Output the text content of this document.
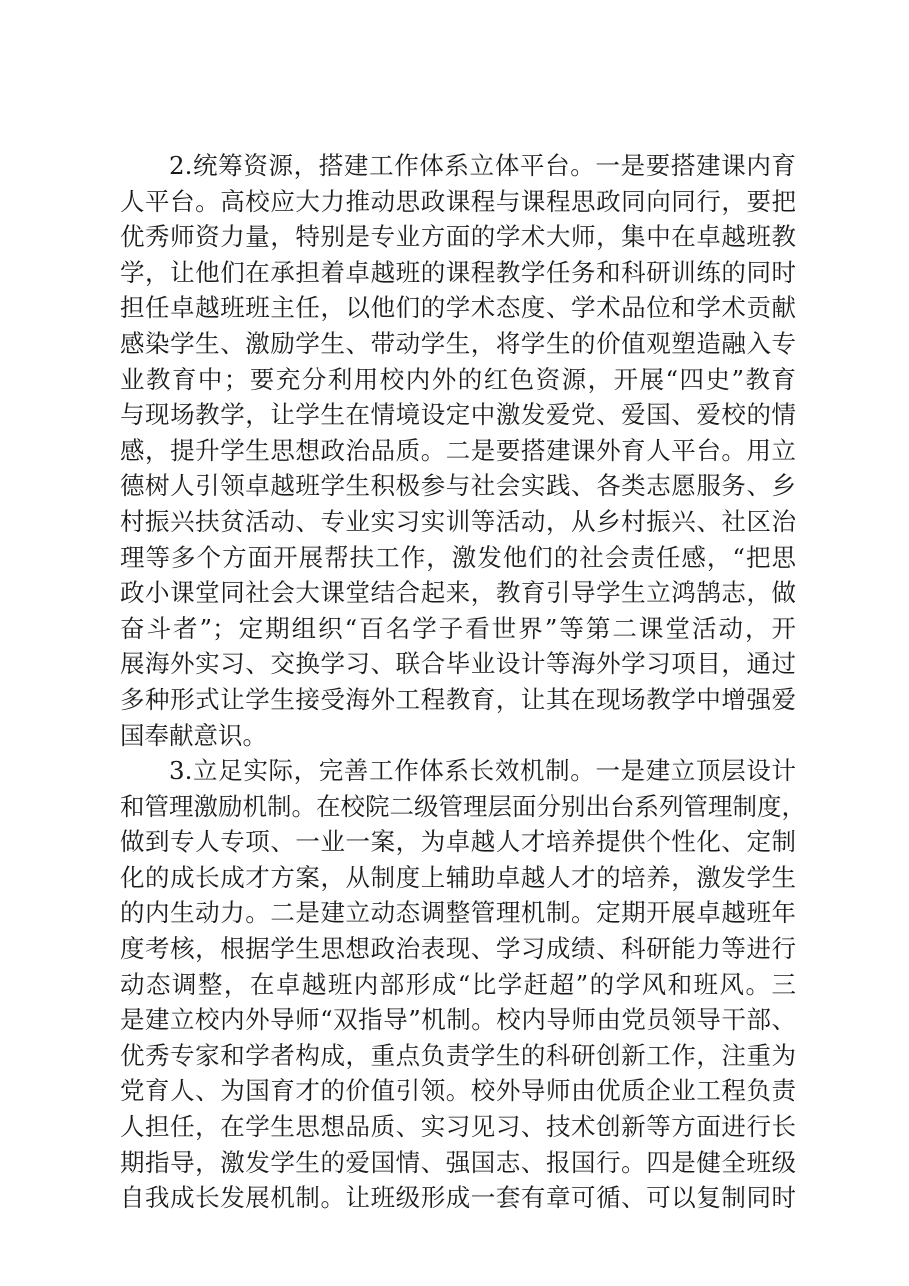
2.统筹资源，搭建工作体系立体平台。一是要搭建课内育
人平台。高校应大力推动思政课程与课程思政同向同行，要把
优秀师资力量，特别是专业方面的学术大师，集中在卓越班教
学，让他们在承担着卓越班的课程教学任务和科研训练的同时
担任卓越班班主任，以他们的学术态度、学术品位和学术贡献
感染学生、激励学生、带动学生，将学生的价值观塑造融入专
业教育中；要充分利用校内外的红色资源，开展“四史”教育
与现场教学，让学生在情境设定中激发爱党、爱国、爱校的情
感，提升学生思想政治品质。二是要搭建课外育人平台。用立
德树人引领卓越班学生积极参与社会实践、各类志愿服务、乡
村振兴扶贫活动、专业实习实训等活动，从乡村振兴、社区治
理等多个方面开展帮扶工作，激发他们的社会责任感，“把思
政小课堂同社会大课堂结合起来，教育引导学生立鸿鹄志，做
奋斗者”；定期组织“百名学子看世界”等第二课堂活动，开
展海外实习、交换学习、联合毕业设计等海外学习项目，通过
多种形式让学生接受海外工程教育，让其在现场教学中增强爱
国奉献意识。
3.立足实际，完善工作体系长效机制。一是建立顶层设计
和管理激励机制。在校院二级管理层面分别出台系列管理制度，
做到专人专项、一业一案，为卓越人才培养提供个性化、定制
化的成长成才方案，从制度上辅助卓越人才的培养，激发学生
的内生动力。二是建立动态调整管理机制。定期开展卓越班年
度考核，根据学生思想政治表现、学习成绩、科研能力等进行
动态调整，在卓越班内部形成“比学赶超”的学风和班风。三
是建立校内外导师“双指导”机制。校内导师由党员领导干部、
优秀专家和学者构成，重点负责学生的科研创新工作，注重为
党育人、为国育才的价值引领。校外导师由优质企业工程负责
人担任，在学生思想品质、实习见习、技术创新等方面进行长
期指导，激发学生的爱国情、强国志、报国行。四是健全班级
自我成长发展机制。让班级形成一套有章可循、可以复制同时
